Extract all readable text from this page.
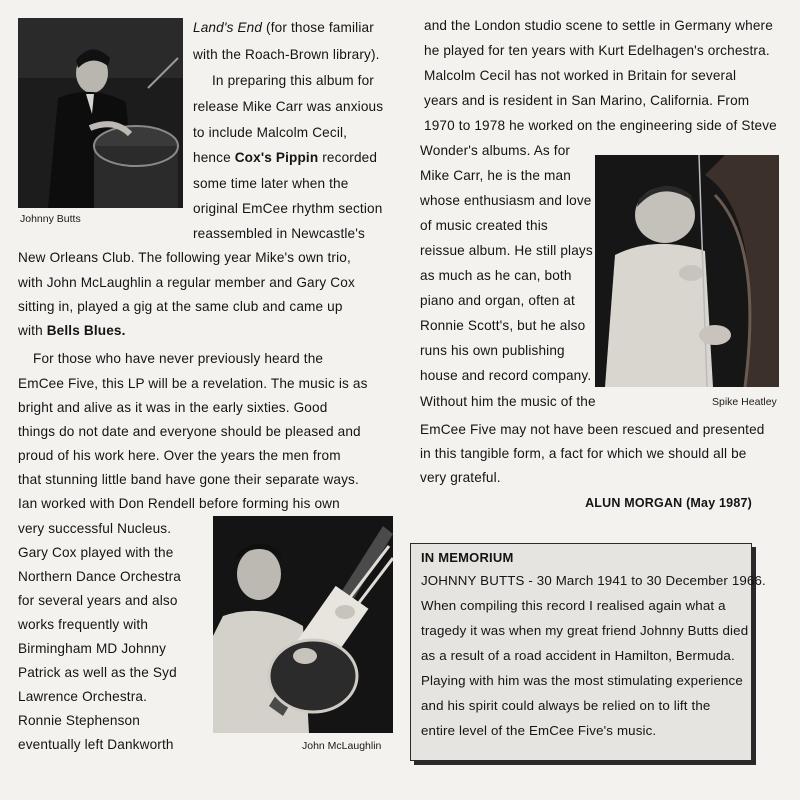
Johnny Butts
Spike Heatley
John McLaughlin
Land's End (for those familiar
with the Roach-Brown library).
In preparing this album for
release Mike Carr was anxious
to include Malcolm Cecil,
hence Cox's Pippin recorded
some time later when the
original EmCee rhythm section
reassembled in Newcastle's
New Orleans Club. The following year Mike's own trio,
with John McLaughlin a regular member and Gary Cox
sitting in, played a gig at the same club and came up
with Bells Blues.
For those who have never previously heard the
EmCee Five, this LP will be a revelation. The music is as
bright and alive as it was in the early sixties. Good
things do not date and everyone should be pleased and
proud of his work here. Over the years the men from
that stunning little band have gone their separate ways.
Ian worked with Don Rendell before forming his own
very successful Nucleus.
Gary Cox played with the
Northern Dance Orchestra
for several years and also
works frequently with
Birmingham MD Johnny
Patrick as well as the Syd
Lawrence Orchestra.
Ronnie Stephenson
eventually left Dankworth
and the London studio scene to settle in Germany where
he played for ten years with Kurt Edelhagen's orchestra.
Malcolm Cecil has not worked in Britain for several
years and is resident in San Marino, California. From
1970 to 1978 he worked on the engineering side of Steve
Wonder's albums. As for
Mike Carr, he is the man
whose enthusiasm and love
of music created this
reissue album. He still plays
as much as he can, both
piano and organ, often at
Ronnie Scott's, but he also
runs his own publishing
house and record company.
Without him the music of the
EmCee Five may not have been rescued and presented
in this tangible form, a fact for which we should all be
very grateful.
ALUN MORGAN (May 1987)
IN MEMORIUM
JOHNNY BUTTS - 30 March 1941 to 30 December 1966.
When compiling this record I realised again what a
tragedy it was when my great friend Johnny Butts died
as a result of a road accident in Hamilton, Bermuda.
Playing with him was the most stimulating experience
and his spirit could always be relied on to lift the
entire level of the EmCee Five's music.
